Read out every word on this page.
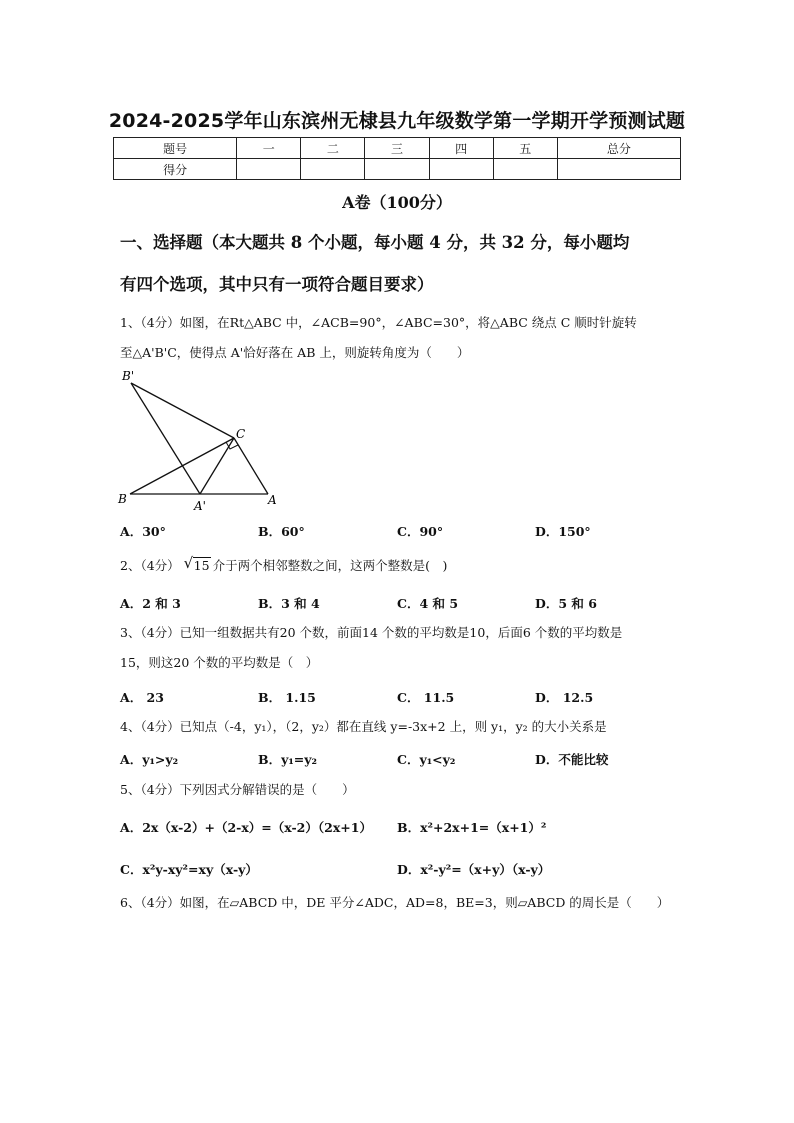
2024-2025学年山东滨州无棣县九年级数学第一学期开学预测试题
题号	一	二	三	四	五	总分
得分						
A卷（100分）
一、选择题（本大题共 8 个小题，每小题 4 分，共 32 分，每小题均
有四个选项，其中只有一项符合题目要求）
1、（4分）如图，在Rt△ABC 中，∠ACB=90°，∠ABC=30°，将△ABC 绕点 C 顺时针旋转
至△A'B'C，使得点 A'恰好落在 AB 上，则旋转角度为（　　）
B'
C
B	A'	A
A．30°	B．60°	C．90°	D．150°
2、（4分） √ 15 介于两个相邻整数之间，这两个整数是(　)
A．2 和 3	B．3 和 4	C．4 和 5	D．5 和 6
3、（4分）已知一组数据共有20 个数，前面14 个数的平均数是10，后面6 个数的平均数是
15，则这20 个数的平均数是（　）
A． 23	B． 1.15	C． 11.5	D． 12.5
4、（4分）已知点（-4，y₁），（2，y₂）都在直线 y=-3x+2 上，则 y₁，y₂ 的大小关系是
A．y₁>y₂	B．y₁=y₂	C．y₁<y₂	D．不能比较
5、（4分）下列因式分解错误的是（　　）
A．2x（x-2）+（2-x）=（x-2）（2x+1） B．x²+2x+1=（x+1）²
C．x²y-xy²=xy（x-y）	D．x²-y²=（x+y）（x-y）
6、（4分）如图，在▱ABCD 中，DE 平分∠ADC，AD=8，BE=3，则▱ABCD 的周长是（　　）
